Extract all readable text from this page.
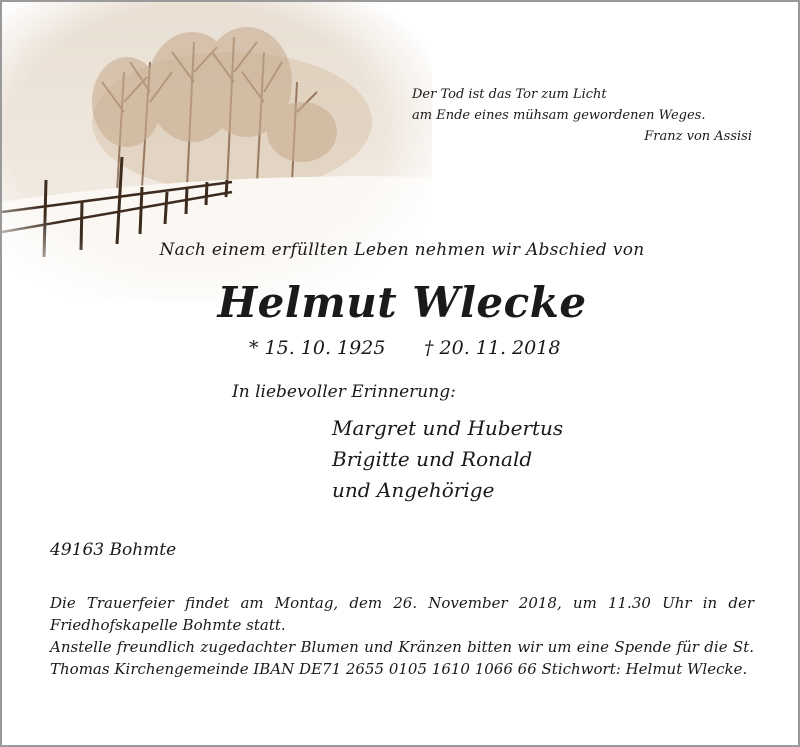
Der Tod ist das Tor zum Licht
am Ende eines mühsam gewordenen Weges.
Franz von Assisi
Nach einem erfüllten Leben nehmen wir Abschied von
Helmut Wlecke
* 15. 10. 1925 † 20. 11. 2018
In liebevoller Erinnerung:
Margret und Hubertus
Brigitte und Ronald
und Angehörige
49163 Bohmte

Die Trauerfeier findet am Montag, dem 26. November 2018, um 11.30 Uhr in der Friedhofskapelle Bohmte statt.

Anstelle freundlich zugedachter Blumen und Kränzen bitten wir um eine Spende für die St. Thomas Kirchengemeinde IBAN DE71 2655 0105 1610 1066 66 Stichwort: Helmut Wlecke.
